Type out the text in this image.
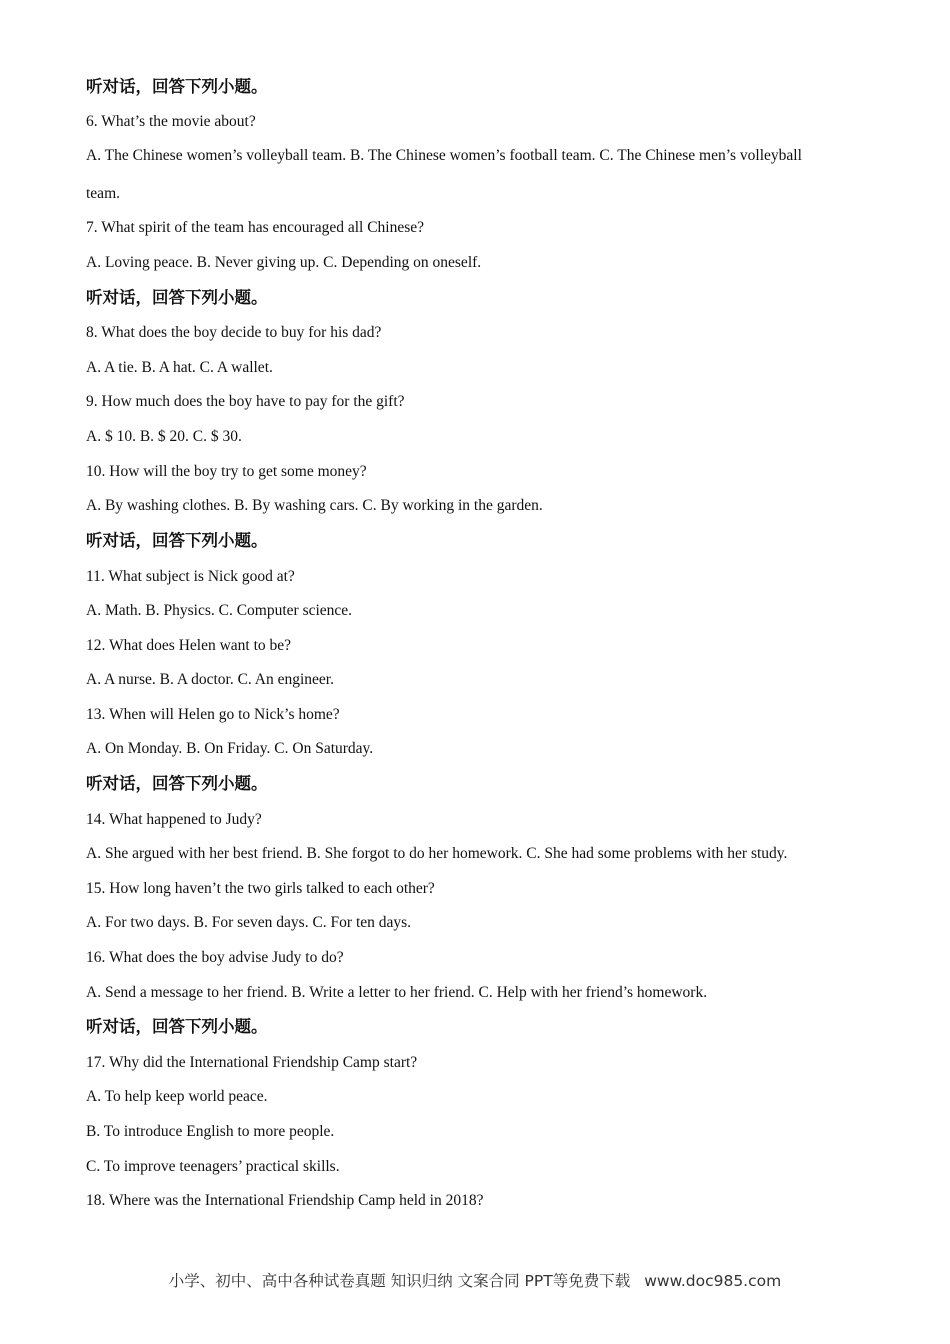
听对话，回答下列小题。
6. What’s the movie about?
A. The Chinese women’s volleyball team. B. The Chinese women’s football team. C. The Chinese men’s volleyball
team.
7. What spirit of the team has encouraged all Chinese?
A. Loving peace. B. Never giving up. C. Depending on oneself.
听对话，回答下列小题。
8. What does the boy decide to buy for his dad?
A. A tie. B. A hat. C. A wallet.
9. How much does the boy have to pay for the gift?
A. $ 10. B. $ 20. C. $ 30.
10. How will the boy try to get some money?
A. By washing clothes. B. By washing cars. C. By working in the garden.
听对话，回答下列小题。
11. What subject is Nick good at?
A. Math. B. Physics. C. Computer science.
12. What does Helen want to be?
A. A nurse. B. A doctor. C. An engineer.
13. When will Helen go to Nick’s home?
A. On Monday. B. On Friday. C. On Saturday.
听对话，回答下列小题。
14. What happened to Judy?
A. She argued with her best friend. B. She forgot to do her homework. C. She had some problems with her study.
15. How long haven’t the two girls talked to each other?
A. For two days. B. For seven days. C. For ten days.
16. What does the boy advise Judy to do?
A. Send a message to her friend. B. Write a letter to her friend. C. Help with her friend’s homework.
听对话，回答下列小题。
17. Why did the International Friendship Camp start?
A. To help keep world peace.
B. To introduce English to more people.
C. To improve teenagers’ practical skills.
18. Where was the International Friendship Camp held in 2018?
小学、初中、高中各种试卷真题 知识归纳 文案合同 PPT等免费下载 www.doc985.com
